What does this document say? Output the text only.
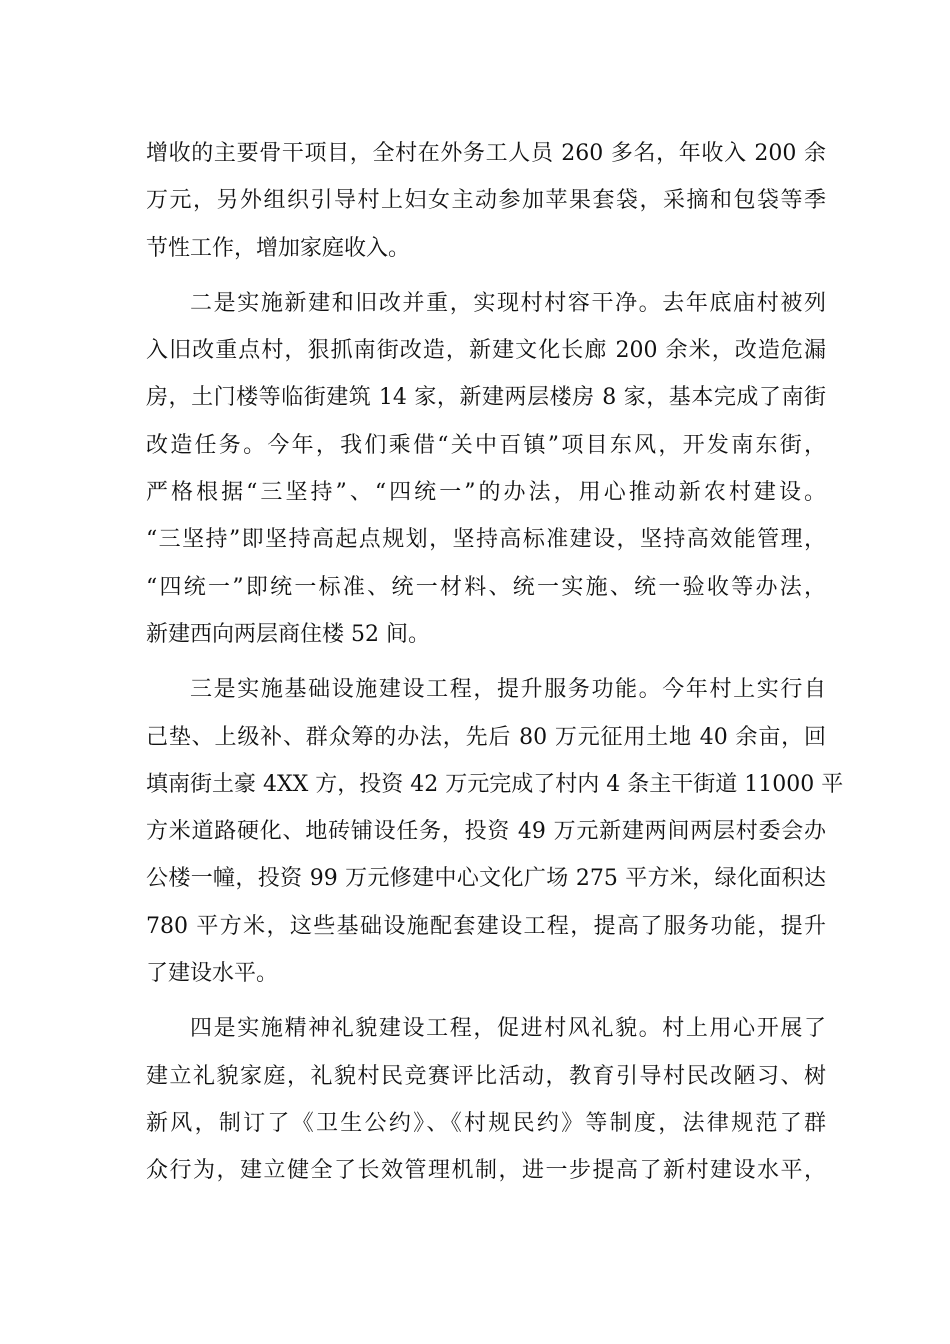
增收的主要骨干项目，全村在外务工人员 260 多名，年收入 200 余
万元，另外组织引导村上妇女主动参加苹果套袋，采摘和包袋等季
节性工作，增加家庭收入。
二是实施新建和旧改并重，实现村村容干净。去年底庙村被列
入旧改重点村，狠抓南街改造，新建文化长廊 200 余米，改造危漏
房，土门楼等临街建筑 14 家，新建两层楼房 8 家，基本完成了南街
改造任务。今年，我们乘借“关中百镇”项目东风，开发南东街，
严格根据“三坚持”、“四统一”的办法，用心推动新农村建设。
“三坚持”即坚持高起点规划，坚持高标准建设，坚持高效能管理，
“四统一”即统一标准、统一材料、统一实施、统一验收等办法，
新建西向两层商住楼 52 间。
三是实施基础设施建设工程，提升服务功能。今年村上实行自
己垫、上级补、群众筹的办法，先后 80 万元征用土地 40 余亩，回
填南街土豪 4XX 方，投资 42 万元完成了村内 4 条主干街道 11000 平
方米道路硬化、地砖铺设任务，投资 49 万元新建两间两层村委会办
公楼一幢，投资 99 万元修建中心文化广场 275 平方米，绿化面积达
780 平方米，这些基础设施配套建设工程，提高了服务功能，提升
了建设水平。
四是实施精神礼貌建设工程，促进村风礼貌。村上用心开展了
建立礼貌家庭，礼貌村民竞赛评比活动，教育引导村民改陋习、树
新风，制订了《卫生公约》、《村规民约》等制度，法律规范了群
众行为，建立健全了长效管理机制，进一步提高了新村建设水平，
